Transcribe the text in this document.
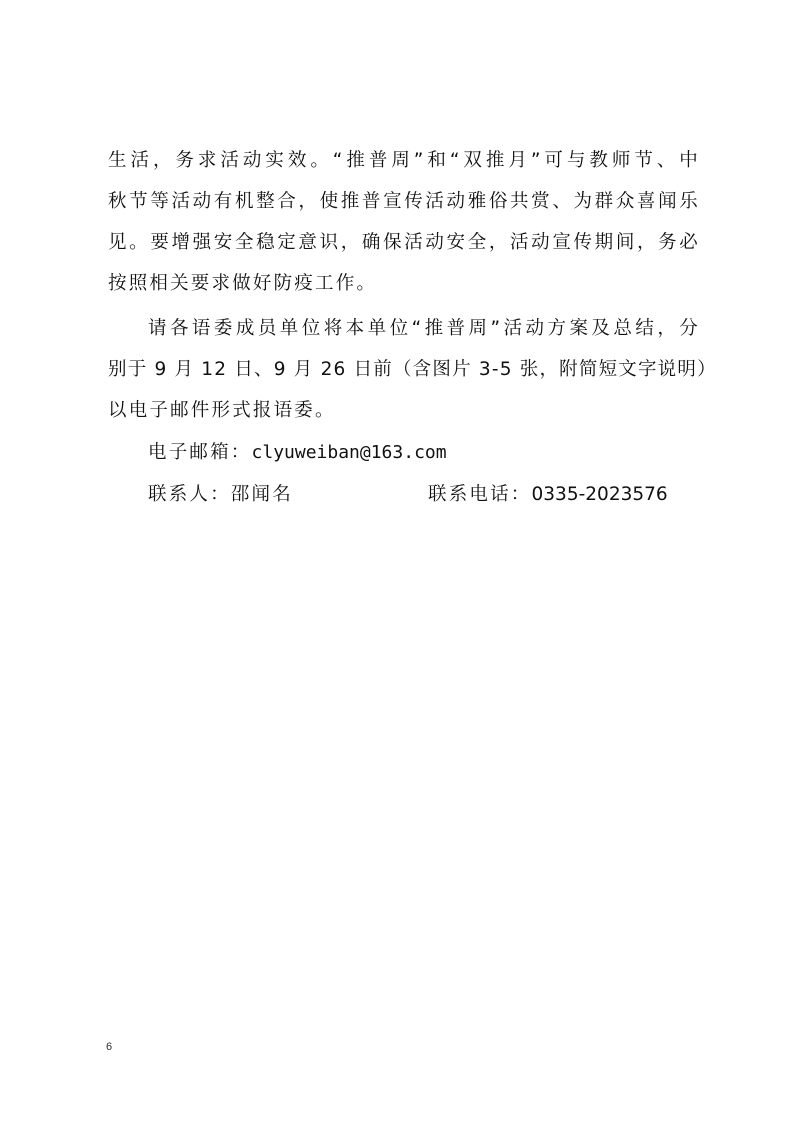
生活，务求活动实效。“推普周”和“双推月”可与教师节、中
秋节等活动有机整合，使推普宣传活动雅俗共赏、为群众喜闻乐
见。要增强安全稳定意识，确保活动安全，活动宣传期间，务必
按照相关要求做好防疫工作。
请各语委成员单位将本单位“推普周”活动方案及总结，分
别于 9 月 12 日、9 月 26 日前（含图片 3-5 张，附简短文字说明）
以电子邮件形式报语委。
电子邮箱：clyuweiban@163.com
联系人：邵闻名	联系电话：0335-2023576
6
